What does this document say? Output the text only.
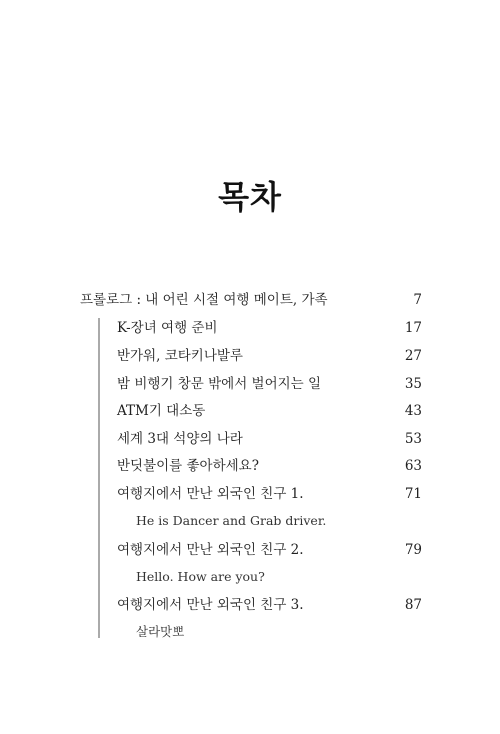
목차
프롤로그 : 내 어린 시절 여행 메이트, 가족	7
K-장녀 여행 준비	17
반가워, 코타키나발루	27
밤 비행기 창문 밖에서 벌어지는 일	35
ATM기 대소동	43
세계 3대 석양의 나라	53
반딧불이를 좋아하세요?	63
여행지에서 만난 외국인 친구 1.	71
He is Dancer and Grab driver.
여행지에서 만난 외국인 친구 2.	79
Hello. How are you?
여행지에서 만난 외국인 친구 3.	87
살라맛뽀
